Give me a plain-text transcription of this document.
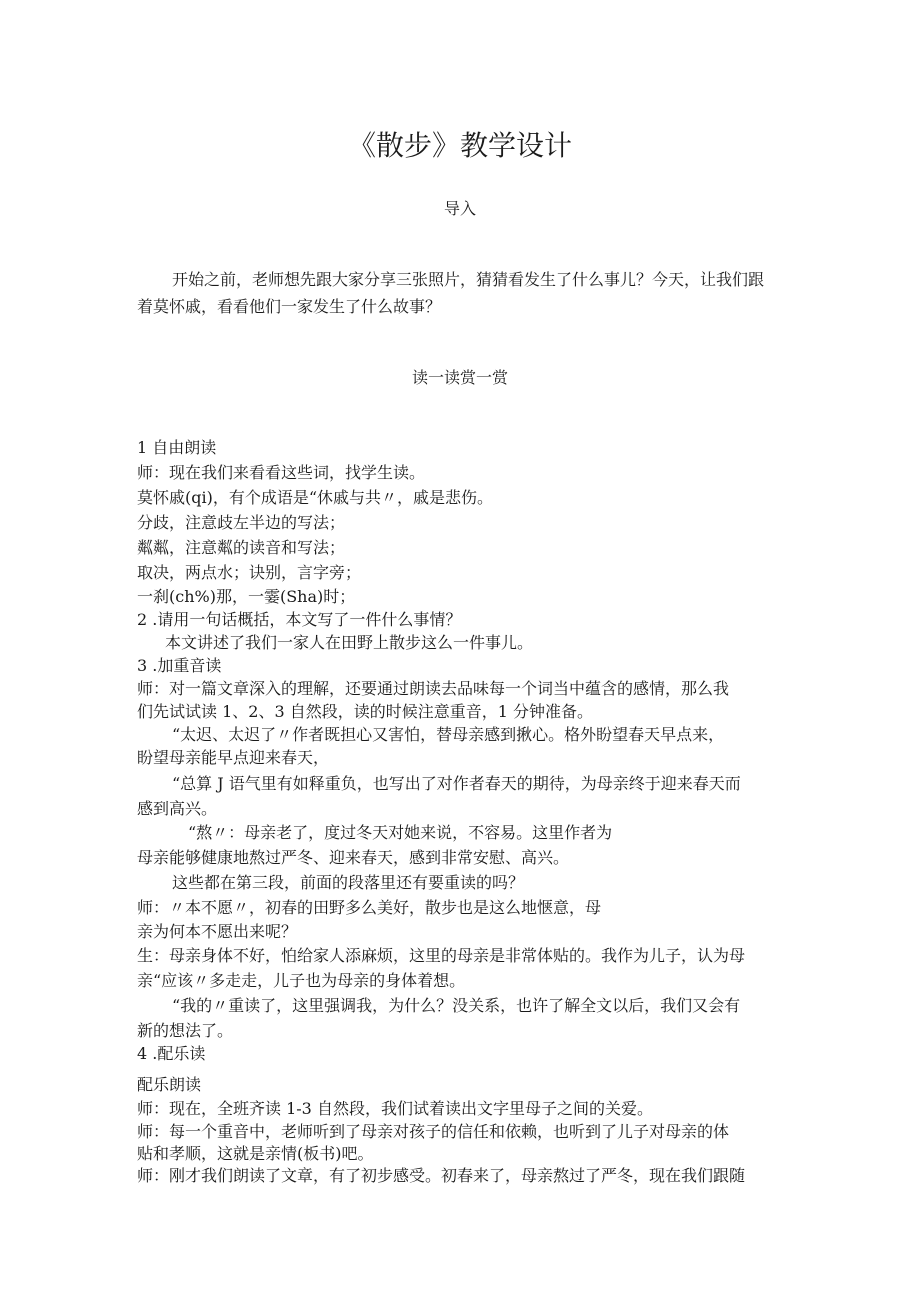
《散步》教学设计
导入
开始之前，老师想先跟大家分享三张照片，猜猜看发生了什么事儿？今天，让我们跟
着莫怀戚，看看他们一家发生了什么故事？
读一读赏一赏
1 自由朗读
师：现在我们来看看这些词，找学生读。
莫怀戚(qi)，有个成语是“休戚与共〃，戚是悲伤。
分歧，注意歧左半边的写法；
粼粼，注意粼的读音和写法；
取决，两点水；诀别，言字旁；
一刹(ch%)那，一霎(Sha)时；
2 .请用一句话概括，本文写了一件什么事情？
本文讲述了我们一家人在田野上散步这么一件事儿。
3 .加重音读
师：对一篇文章深入的理解，还要通过朗读去品味每一个词当中蕴含的感情，那么我
们先试试读 1、2、3 自然段，读的时候注意重音，1 分钟准备。
“太迟、太迟了〃作者既担心又害怕，替母亲感到揪心。格外盼望春天早点来，
盼望母亲能早点迎来春天，
“总算 J 语气里有如释重负，也写出了对作者春天的期待，为母亲终于迎来春天而
感到高兴。
“熬〃：母亲老了，度过冬天对她来说，不容易。这里作者为
母亲能够健康地熬过严冬、迎来春天，感到非常安慰、高兴。
这些都在第三段，前面的段落里还有要重读的吗？
师：〃本不愿〃，初春的田野多么美好，散步也是这么地惬意，母
亲为何本不愿出来呢？
生：母亲身体不好，怕给家人添麻烦，这里的母亲是非常体贴的。我作为儿子，认为母
亲“应该〃多走走，儿子也为母亲的身体着想。
“我的〃重读了，这里强调我，为什么？没关系，也许了解全文以后，我们又会有
新的想法了。
4 .配乐读
配乐朗读
师：现在，全班齐读 1-3 自然段，我们试着读出文字里母子之间的关爱。
师：每一个重音中，老师听到了母亲对孩子的信任和依赖，也听到了儿子对母亲的体
贴和孝顺，这就是亲情(板书)吧。
师：刚才我们朗读了文章，有了初步感受。初春来了，母亲熬过了严冬，现在我们跟随
